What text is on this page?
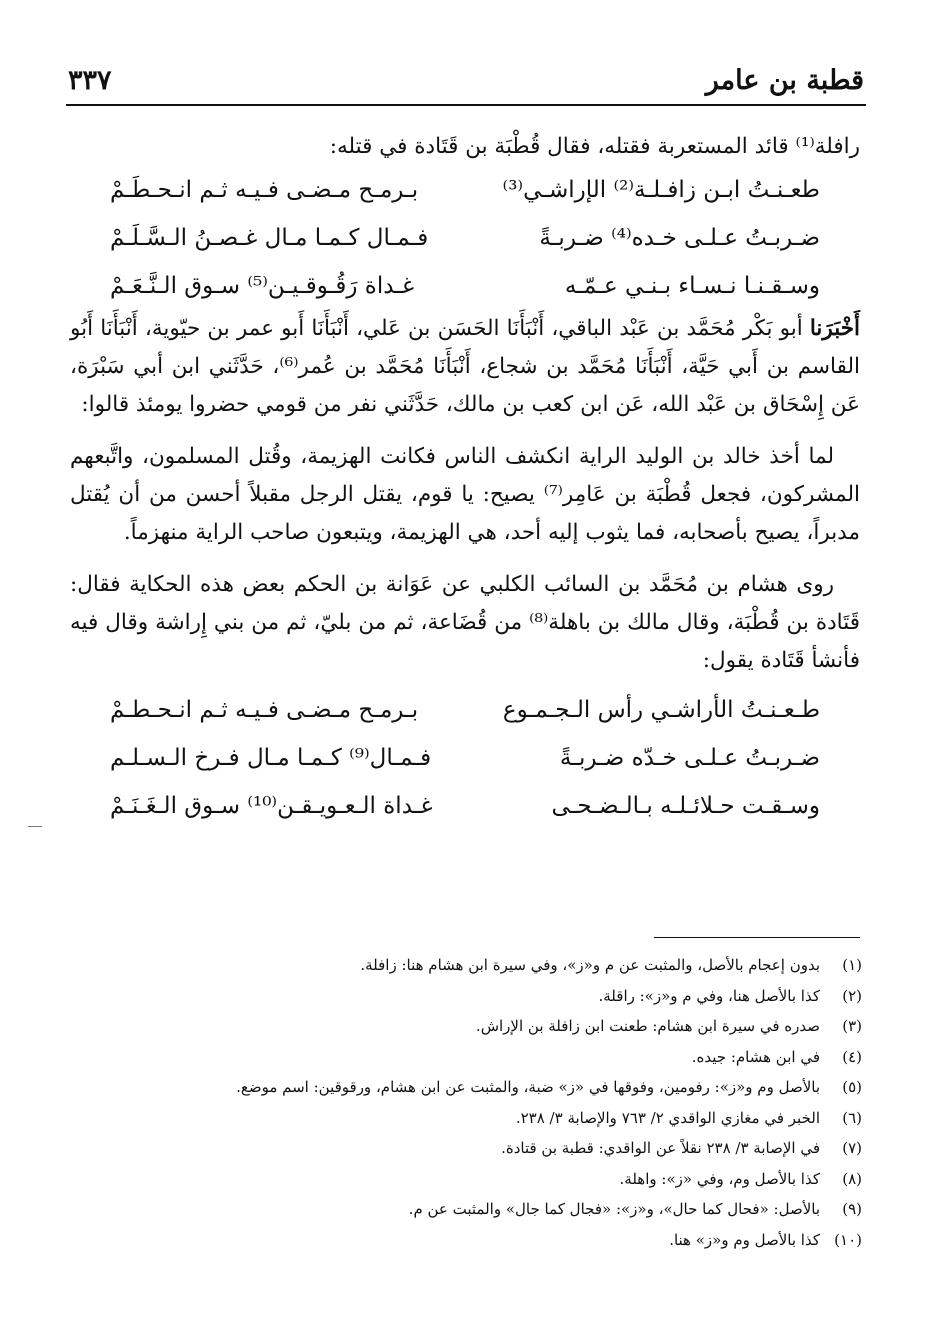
قطبة بن عامر
٣٣٧

رافلة⁽¹⁾ قائد المستعربة فقتله، فقال قُطْبَة بن قَتَادة في قتله:

طعـنـتُ ابـن زافـلـة⁽²⁾ الإراشـي⁽³⁾
بـرمـح مـضـى فـيـه ثـم انـحـطَـمْ
ضـربـتُ عـلـى خـده⁽⁴⁾ ضـربـةً
فـمـال كـمـا مـال غـصـنُ الـسَّـلَـمْ
وسـقـنـا نـسـاء بـنـي عـمّـه
غـداة رَقُـوقـيـن⁽⁵⁾ سـوق الـنَّـعَـمْ

أَخْبَرَنا أبو بَكْر مُحَمَّد بن عَبْد الباقي، أَنْبَأَنَا الحَسَن بن عَلي، أَنْبَأَنَا أَبو عمر بن حيّوية، أَنْبَأَنَا أَبُو القاسم بن أَبي حَيَّة، أَنْبَأَنَا مُحَمَّد بن شجاع، أَنْبَأَنَا مُحَمَّد بن عُمر⁽⁶⁾، حَدَّثَني ابن أبي سَبْرَة، عَن إِسْحَاق بن عَبْد الله، عَن ابن كعب بن مالك، حَدَّثَني نفر من قومي حضروا يومئذ قالوا:

لما أخذ خالد بن الوليد الراية انكشف الناس فكانت الهزيمة، وقُتل المسلمون، واتَّبعهم المشركون، فجعل قُطْبَة بن عَامِر⁽⁷⁾ يصيح: يا قوم، يقتل الرجل مقبلاً أحسن من أن يُقتل مدبراً، يصيح بأصحابه، فما يثوب إليه أحد، هي الهزيمة، ويتبعون صاحب الراية منهزماً.

روى هشام بن مُحَمَّد بن السائب الكلبي عن عَوَانة بن الحكم بعض هذه الحكاية فقال: قَتَادة بن قُطْبَة، وقال مالك بن باهلة⁽⁸⁾ من قُضَاعة، ثم من بليّ، ثم من بني إِراشة وقال فيه فأنشأ قَتَادة يقول:

طـعـنـتُ الأراشـي رأس الـجـمـوع
بـرمـح مـضـى فـيـه ثـم انـحـطـمْ
ضـربـتُ عـلـى خـدّه ضـربـةً
فـمـال⁽⁹⁾ كـمـا مـال فـرخ الـسـلـم
وسـقـت حـلائـلـه بـالـضـحـى
غـداة الـعـويـقـن⁽¹⁰⁾ سـوق الـغَـنَـمْ
(١)
بدون إعجام بالأصل، والمثبت عن م و«ز»، وفي سيرة ابن هشام هنا: زافلة.
(٢)
كذا بالأصل هنا، وفي م و«ز»: راقلة.
(٣)
صدره في سيرة ابن هشام: طعنت ابن زافلة بن الإراش.
(٤)
في ابن هشام: جيده.
(٥)
بالأصل وم و«ز»: رفومين، وفوقها في «ز» ضبة، والمثبت عن ابن هشام، ورقوقين: اسم موضع.
(٦)
الخبر في مغازي الواقدي ٢/ ٧٦٣ والإصابة ٣/ ٢٣٨.
(٧)
في الإصابة ٣/ ٢٣٨ نقلاً عن الواقدي: قطبة بن قتادة.
(٨)
كذا بالأصل وم، وفي «ز»: واهلة.
(٩)
بالأصل: «فحال كما حال»، و«ز»: «فجال كما جال» والمثبت عن م.
(١٠)
كذا بالأصل وم و«ز» هنا.
